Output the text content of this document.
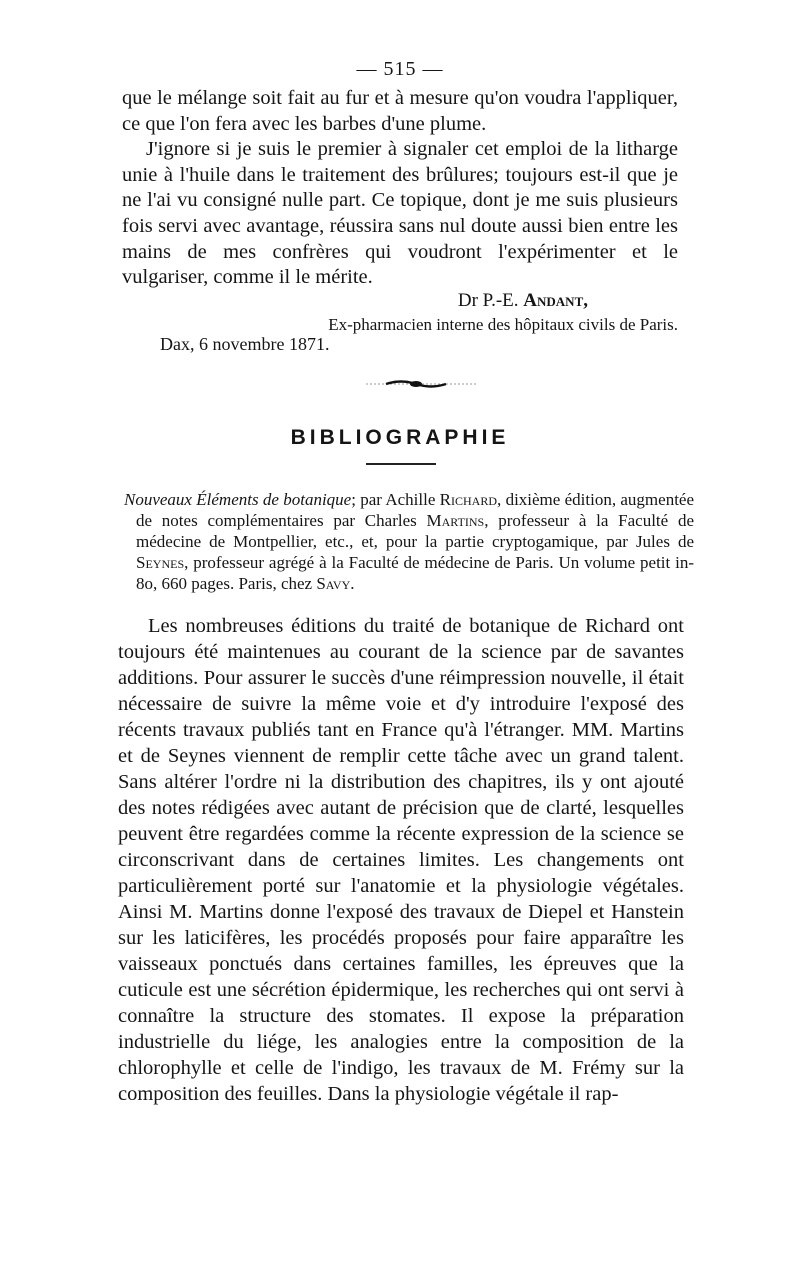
— 515 —

que le mélange soit fait au fur et à mesure qu'on voudra l'appliquer, ce que l'on fera avec les barbes d'une plume.

J'ignore si je suis le premier à signaler cet emploi de la litharge unie à l'huile dans le traitement des brûlures; toujours est-il que je ne l'ai vu consigné nulle part. Ce topique, dont je me suis plusieurs fois servi avec avantage, réussira sans nul doute aussi bien entre les mains de mes confrères qui voudront l'expérimenter et le vulgariser, comme il le mérite.

Dr P.-E. Andant,
Ex-pharmacien interne des hôpitaux civils de Paris.
Dax, 6 novembre 1871.
BIBLIOGRAPHIE
Nouveaux Éléments de botanique; par Achille Richard, dixième édition, augmentée de notes complémentaires par Charles Martins, professeur à la Faculté de médecine de Montpellier, etc., et, pour la partie cryptogamique, par Jules de Seynes, professeur agrégé à la Faculté de médecine de Paris. Un volume petit in-8o, 660 pages. Paris, chez Savy.

Les nombreuses éditions du traité de botanique de Richard ont toujours été maintenues au courant de la science par de savantes additions. Pour assurer le succès d'une réimpression nouvelle, il était nécessaire de suivre la même voie et d'y introduire l'exposé des récents travaux publiés tant en France qu'à l'étranger. MM. Martins et de Seynes viennent de remplir cette tâche avec un grand talent. Sans altérer l'ordre ni la distribution des chapitres, ils y ont ajouté des notes rédigées avec autant de précision que de clarté, lesquelles peuvent être regardées comme la récente expression de la science se circonscrivant dans de certaines limites. Les changements ont particulièrement porté sur l'anatomie et la physiologie végétales. Ainsi M. Martins donne l'exposé des travaux de Diepel et Hanstein sur les laticifères, les procédés proposés pour faire apparaître les vaisseaux ponctués dans certaines familles, les épreuves que la cuticule est une sécrétion épidermique, les recherches qui ont servi à connaître la structure des stomates. Il expose la préparation industrielle du liége, les analogies entre la composition de la chlorophylle et celle de l'indigo, les travaux de M. Frémy sur la composition des feuilles. Dans la physiologie végétale il rap-
